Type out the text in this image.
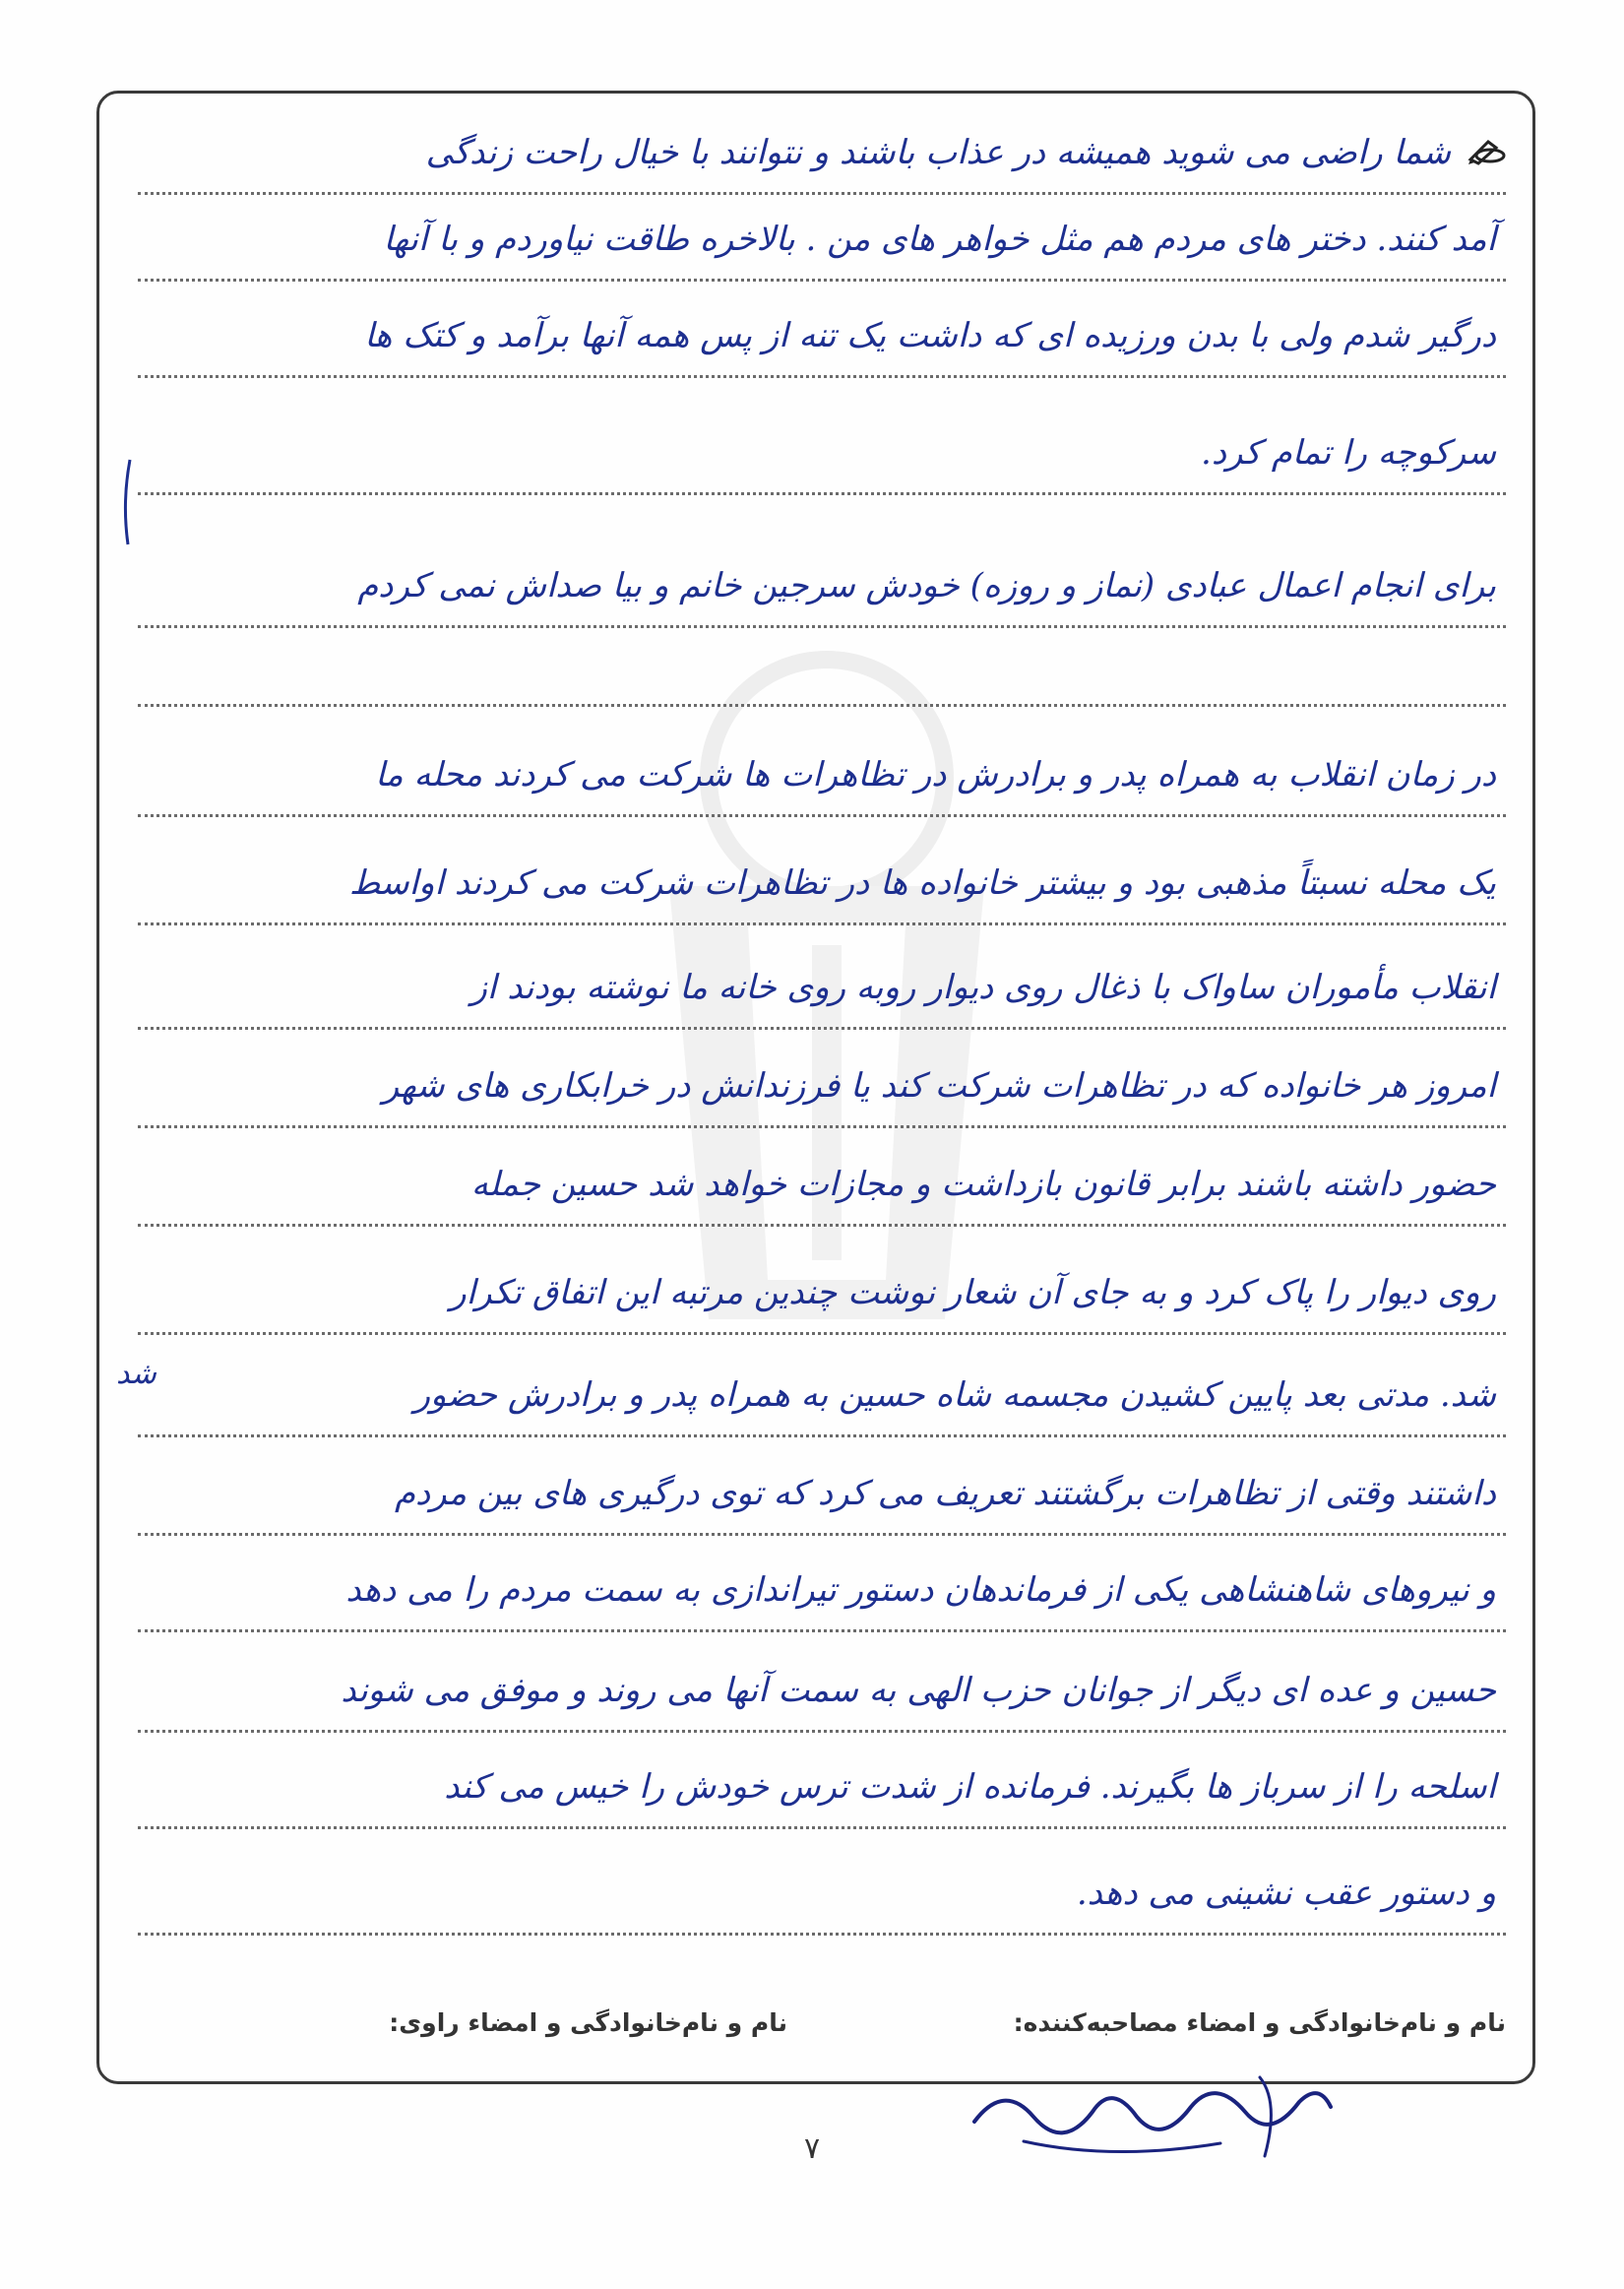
شما راضی می شوید همیشه در عذاب باشند و نتوانند با خیال راحت زندگی
آمد کنند. دختر های مردم هم مثل خواهر های من . بالاخره طاقت نیاوردم و با آنها
درگیر شدم ولی با بدن ورزیده ای که داشت یک تنه از پس همه آنها برآمد و کتک ها
سرکوچه را تمام کرد.
برای انجام اعمال عبادی (نماز و روزه) خودش سرجین خانم و بیا صداش نمی کردم
در زمان انقلاب به همراه پدر و برادرش در تظاهرات ها شرکت می کردند محله ما
یک محله نسبتاً مذهبی بود و بیشتر خانواده ها در تظاهرات شرکت می کردند اواسط
انقلاب مأموران ساواک با ذغال روی دیوار روبه روی خانه ما نوشته بودند از
امروز هر خانواده که در تظاهرات شرکت کند یا فرزندانش در خرابکاری های شهر
حضور داشته باشند برابر قانون بازداشت و مجازات خواهد شد حسین جمله
روی دیوار را پاک کرد و به جای آن شعار نوشت چندین مرتبه این اتفاق تکرار
شد. مدتی بعد پایین کشیدن مجسمه شاه حسین به همراه پدر و برادرش حضور
داشتند وقتی از تظاهرات برگشتند تعریف می کرد که توی درگیری های بین مردم
و نیروهای شاهنشاهی یکی از فرماندهان دستور تیراندازی به سمت مردم را می دهد
حسین و عده ای دیگر از جوانان حزب الهی به سمت آنها می روند و موفق می شوند
اسلحه را از سرباز ها بگیرند. فرمانده از شدت ترس خودش را خیس می کند
و دستور عقب نشینی می دهد.
شد
نام و نام‌خانوادگی و امضاء مصاحبه‌کننده:
نام و نام‌خانوادگی و امضاء راوی:
۷
